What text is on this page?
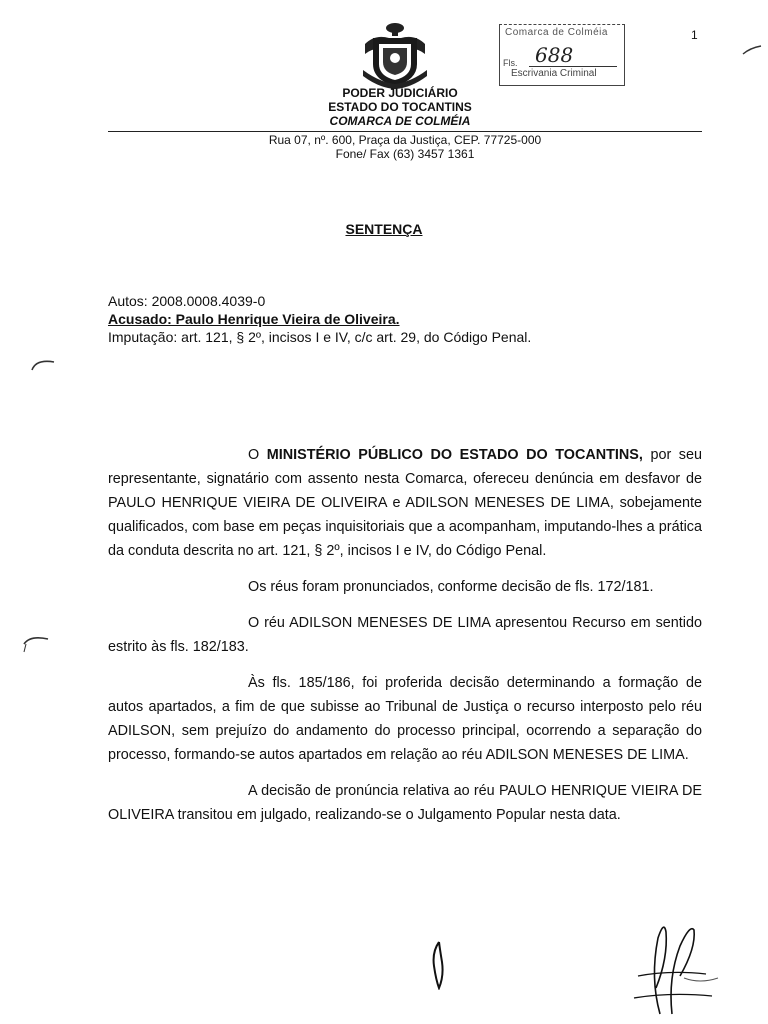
PODER JUDICIÁRIO
ESTADO DO TOCANTINS
COMARCA DE COLMÉIA
Rua 07, nº. 600, Praça da Justiça, CEP. 77725-000
Fone/ Fax (63) 3457 1361
Comarca de Colméia
Fls. 688
Escrivania Criminal
1
SENTENÇA
Autos: 2008.0008.4039-0
Acusado: Paulo Henrique Vieira de Oliveira.
Imputação: art. 121, § 2º, incisos I e IV, c/c art. 29, do Código Penal.

O MINISTÉRIO PÚBLICO DO ESTADO DO TOCANTINS, por seu representante, signatário com assento nesta Comarca, ofereceu denúncia em desfavor de PAULO HENRIQUE VIEIRA DE OLIVEIRA e ADILSON MENESES DE LIMA, sobejamente qualificados, com base em peças inquisitoriais que a acompanham, imputando-lhes a prática da conduta descrita no art. 121, § 2º, incisos I e IV, do Código Penal.

Os réus foram pronunciados, conforme decisão de fls. 172/181.

O réu ADILSON MENESES DE LIMA apresentou Recurso em sentido estrito às fls. 182/183.

Às fls. 185/186, foi proferida decisão determinando a formação de autos apartados, a fim de que subisse ao Tribunal de Justiça o recurso interposto pelo réu ADILSON, sem prejuízo do andamento do processo principal, ocorrendo a separação do processo, formando-se autos apartados em relação ao réu ADILSON MENESES DE LIMA.

A decisão de pronúncia relativa ao réu PAULO HENRIQUE VIEIRA DE OLIVEIRA transitou em julgado, realizando-se o Julgamento Popular nesta data.
